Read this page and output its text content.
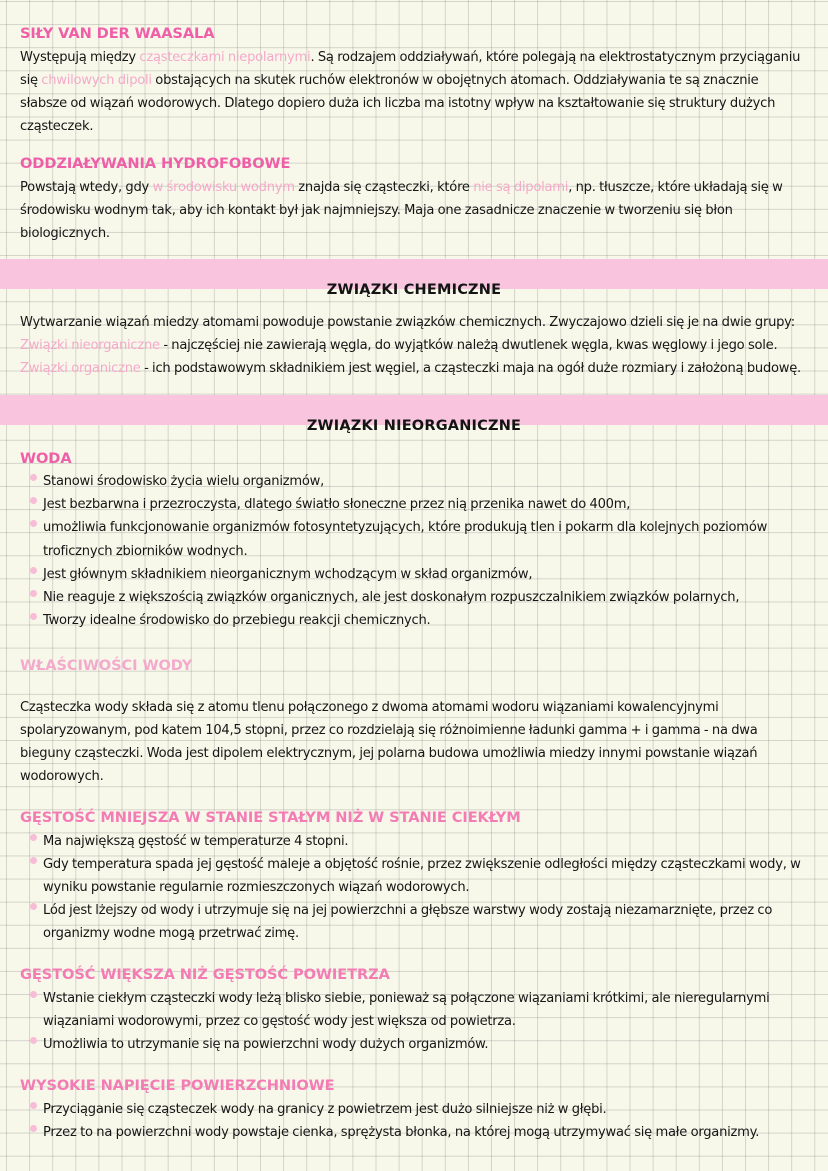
SIŁY VAN DER WAASALA

Występują między cząsteczkami niepolarnymi. Są rodzajem oddziaływań, które polegają na elektrostatycznym przyciąganiu się chwilowych dipoli obstających na skutek ruchów elektronów w obojętnych atomach. Oddziaływania te są znacznie słabsze od wiązań wodorowych. Dlatego dopiero duża ich liczba ma istotny wpływ na kształtowanie się struktury dużych cząsteczek.

ODDZIAŁYWANIA HYDROFOBOWE

Powstają wtedy, gdy w środowisku wodnym znajda się cząsteczki, które nie są dipolami, np. tłuszcze, które układają się w środowisku wodnym tak, aby ich kontakt był jak najmniejszy. Maja one zasadnicze znaczenie w tworzeniu się błon biologicznych.

ZWIĄZKI CHEMICZNE

Wytwarzanie wiązań miedzy atomami powoduje powstanie związków chemicznych. Zwyczajowo dzieli się je na dwie grupy:

Związki nieorganiczne - najczęściej nie zawierają węgla, do wyjątków należą dwutlenek węgla, kwas węglowy i jego sole.

Związki organiczne - ich podstawowym składnikiem jest węgiel, a cząsteczki maja na ogół duże rozmiary i założoną budowę.

ZWIĄZKI NIEORGANICZNE
WODA
Stanowi środowisko życia wielu organizmów,
Jest bezbarwna i przezroczysta, dlatego światło słoneczne przez nią przenika nawet do 400m,
umożliwia funkcjonowanie organizmów fotosyntetyzujących, które produkują tlen i pokarm dla kolejnych poziomów troficznych zbiorników wodnych.
Jest głównym składnikiem nieorganicznym wchodzącym w skład organizmów,
Nie reaguje z większością związków organicznych, ale jest doskonałym rozpuszczalnikiem związków polarnych,
Tworzy idealne środowisko do przebiegu reakcji chemicznych.
WŁAŚCIWOŚCI WODY

Cząsteczka wody składa się z atomu tlenu połączonego z dwoma atomami wodoru wiązaniami kowalencyjnymi spolaryzowanym, pod katem 104,5 stopni, przez co rozdzielają się różnoimienne ładunki gamma + i gamma - na dwa bieguny cząsteczki. Woda jest dipolem elektrycznym, jej polarna budowa umożliwia miedzy innymi powstanie wiązań wodorowych.

GĘSTOŚĆ MNIEJSZA W STANIE STAŁYM NIŻ W STANIE CIEKŁYM
Ma największą gęstość w temperaturze 4 stopni.
Gdy temperatura spada jej gęstość maleje a objętość rośnie, przez zwiększenie odległości między cząsteczkami wody, w wyniku powstanie regularnie rozmieszczonych wiązań wodorowych.
Lód jest lżejszy od wody i utrzymuje się na jej powierzchni a głębsze warstwy wody zostają niezamarznięte, przez co organizmy wodne mogą przetrwać zimę.
GĘSTOŚĆ WIĘKSZA NIŻ GĘSTOŚĆ POWIETRZA
Wstanie ciekłym cząsteczki wody leżą blisko siebie, ponieważ są połączone wiązaniami krótkimi, ale nieregularnymi wiązaniami wodorowymi, przez co gęstość wody jest większa od powietrza.
Umożliwia to utrzymanie się na powierzchni wody dużych organizmów.
WYSOKIE NAPIĘCIE POWIERZCHNIOWE
Przyciąganie się cząsteczek wody na granicy z powietrzem jest dużo silniejsze niż w głębi.
Przez to na powierzchni wody powstaje cienka, sprężysta błonka, na której mogą utrzymywać się małe organizmy.
